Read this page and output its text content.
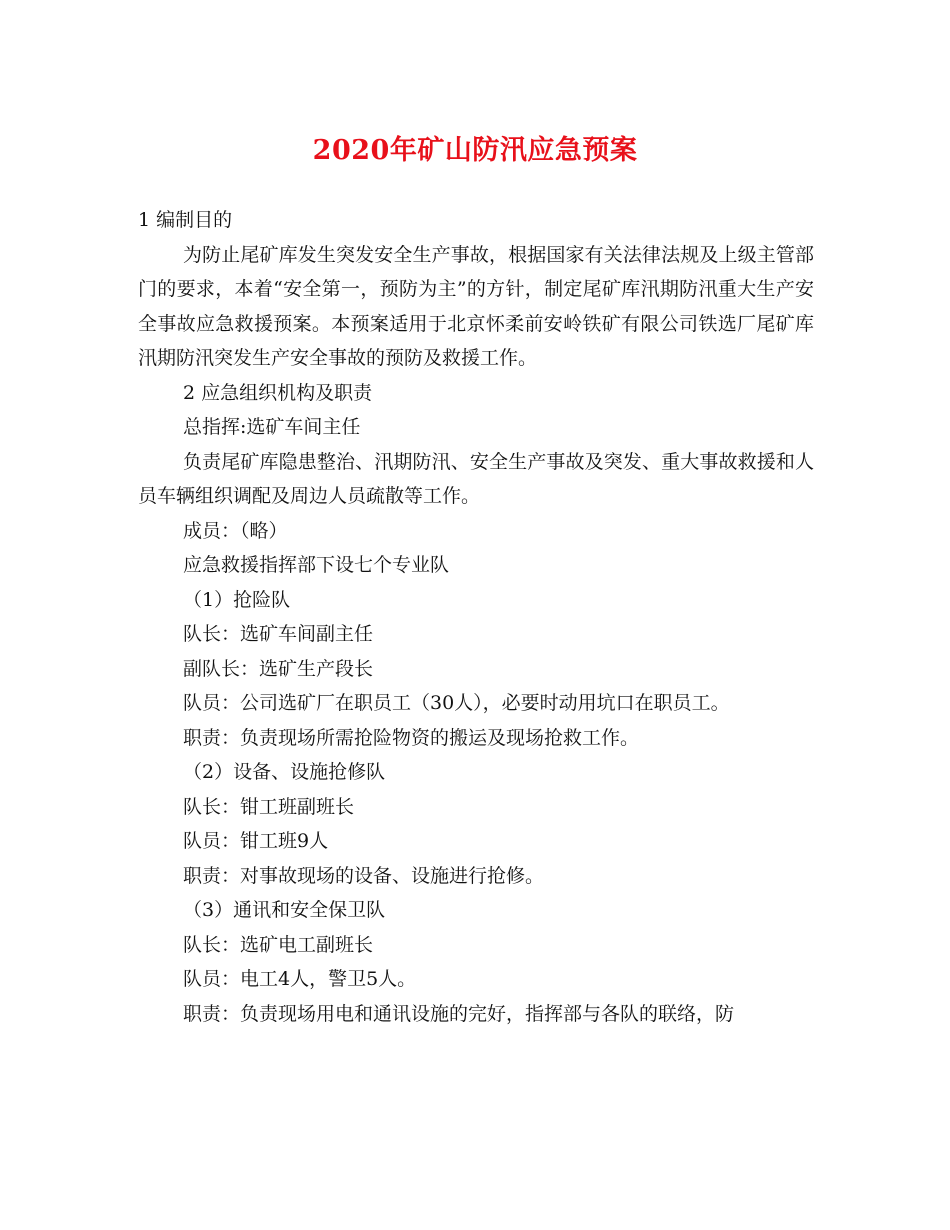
2020年矿山防汛应急预案

1 编制目的

为防止尾矿库发生突发安全生产事故，根据国家有关法律法规及上级主管部门的要求，本着“安全第一，预防为主”的方针，制定尾矿库汛期防汛重大生产安全事故应急救援预案。本预案适用于北京怀柔前安岭铁矿有限公司铁选厂尾矿库汛期防汛突发生产安全事故的预防及救援工作。

2 应急组织机构及职责

总指挥:选矿车间主任

负责尾矿库隐患整治、汛期防汛、安全生产事故及突发、重大事故救援和人员车辆组织调配及周边人员疏散等工作。

成员：（略）

应急救援指挥部下设七个专业队

（1）抢险队

队长：选矿车间副主任

副队长：选矿生产段长

队员：公司选矿厂在职员工（30人），必要时动用坑口在职员工。

职责：负责现场所需抢险物资的搬运及现场抢救工作。

（2）设备、设施抢修队

队长：钳工班副班长

队员：钳工班9人

职责：对事故现场的设备、设施进行抢修。

（3）通讯和安全保卫队

队长：选矿电工副班长

队员：电工4人，警卫5人。

职责：负责现场用电和通讯设施的完好，指挥部与各队的联络，防
